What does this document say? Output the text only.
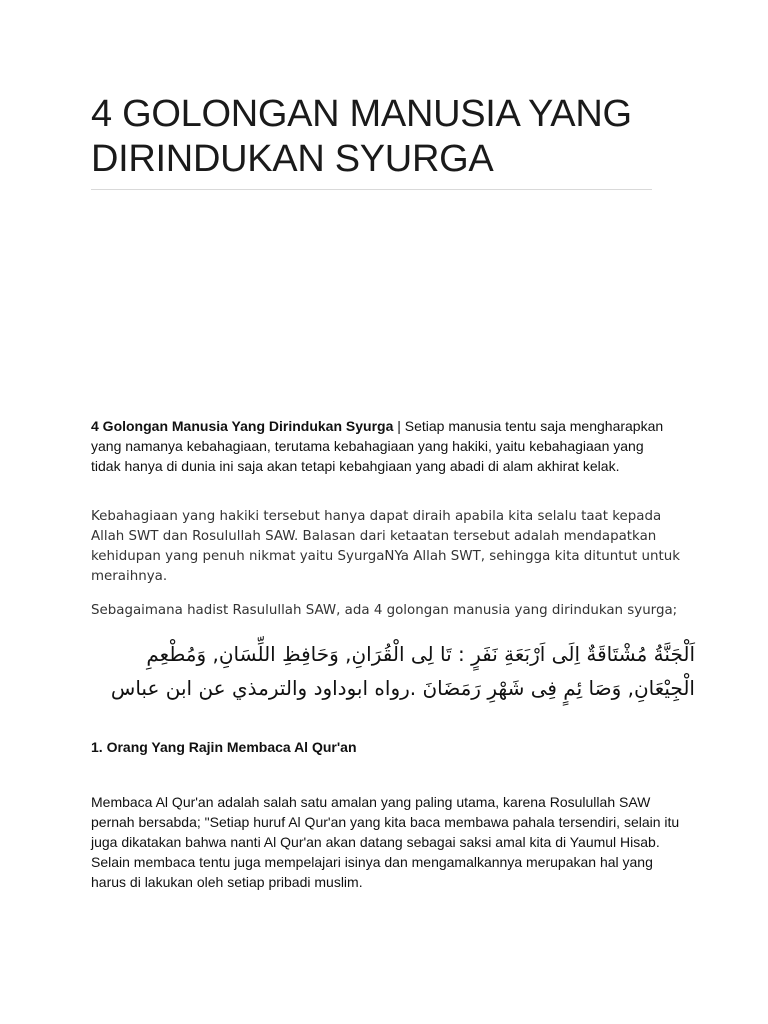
4 GOLONGAN MANUSIA YANG DIRINDUKAN SYURGA

4 Golongan Manusia Yang Dirindukan Syurga | Setiap manusia tentu saja mengharapkan yang namanya kebahagiaan, terutama kebahagiaan yang hakiki, yaitu kebahagiaan yang tidak hanya di dunia ini saja akan tetapi kebahgiaan yang abadi di alam akhirat kelak.

Kebahagiaan yang hakiki tersebut hanya dapat diraih apabila kita selalu taat kepada Allah SWT dan Rosulullah SAW. Balasan dari ketaatan tersebut adalah mendapatkan kehidupan yang penuh nikmat yaitu SyurgaNYa Allah SWT, sehingga kita dituntut untuk meraihnya.

Sebagaimana hadist Rasulullah SAW, ada 4 golongan manusia yang dirindukan syurga;

اَلْجَنَّةُ مُشْتَاقَةٌ اِلَى اَرْبَعَةِ نَفَرٍ : تَا لِى الْقُرَانِ, وَحَافِظِ اللِّسَانِ, وَمُطْعِمِ الْجِيْعَانِ, وَصَا ئِمٍ فِى شَهْرِ رَمَضَانَ .رواه ابوداود والترمذي عن ابن عباس

1. Orang Yang Rajin Membaca Al Qur'an

Membaca Al Qur'an adalah salah satu amalan yang paling utama, karena Rosulullah SAW pernah bersabda; "Setiap huruf Al Qur'an yang kita baca membawa pahala tersendiri, selain itu juga dikatakan bahwa nanti Al Qur'an akan datang sebagai saksi amal kita di Yaumul Hisab. Selain membaca tentu juga mempelajari isinya dan mengamalkannya merupakan hal yang harus di lakukan oleh setiap pribadi muslim.
